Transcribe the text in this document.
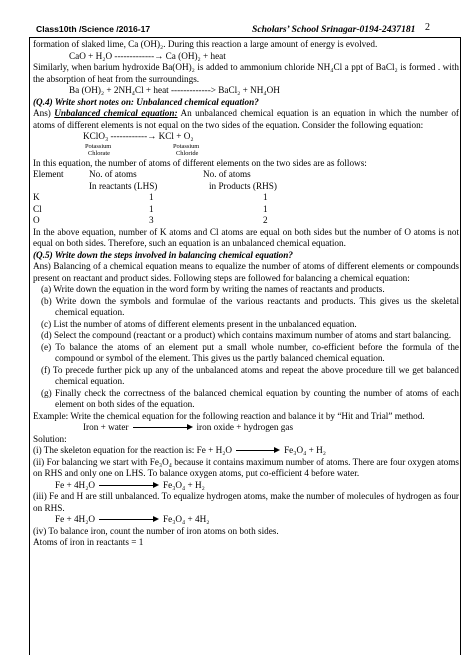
Class10th /Science /2016-17	Scholars’ School Srinagar-0194-2437181 2

formation of slaked lime, Ca (OH)₂. During this reaction a large amount of energy is evolved.

CaO + H₂O -------------→ Ca (OH)₂ + heat

Similarly, when barium hydroxide Ba(OH)₂ is added to ammonium chloride NH₄Cl a ppt of BaCl₂ is formed . with the absorption of heat from the surroundings.

Ba (OH)₂ + 2NH₄Cl + heat -------------> BaCl₂ + NH₄OH

(Q.4) Write short notes on: Unbalanced chemical equation?

Ans) Unbalanced chemical equation: An unbalanced chemical equation is an equation in which the number of atoms of different elements is not equal on the two sides of the equation. Consider the following equation:

KClO₃ ------------→ KCl + O₂

Potassium
Chlorate
Potassium
Chloride

In this equation, the number of atoms of different elements on the two sides are as follows:

Element	No. of atoms	No. of atoms
In reactants (LHS)	in Products (RHS)
K	1	1
Cl	1	1
O	3	2

In the above equation, number of K atoms and Cl atoms are equal on both sides but the number of O atoms is not equal on both sides. Therefore, such an equation is an unbalanced chemical equation.

(Q.5) Write down the steps involved in balancing chemical equation?

Ans) Balancing of a chemical equation means to equalize the number of atoms of different elements or compounds present on reactant and product sides. Following steps are followed for balancing a chemical equation:

(a) Write down the equation in the word form by writing the names of reactants and products.

(b) Write down the symbols and formulae of the various reactants and products. This gives us the skeletal chemical equation.

(c) List the number of atoms of different elements present in the unbalanced equation.

(d) Select the compound (reactant or a product) which contains maximum number of atoms and start balancing.

(e) To balance the atoms of an element put a small whole number, co-efficient before the formula of the compound or symbol of the element. This gives us the partly balanced chemical equation.

(f) To precede further pick up any of the unbalanced atoms and repeat the above procedure till we get balanced chemical equation.

(g) Finally check the correctness of the balanced chemical equation by counting the number of atoms of each element on both sides of the equation.

Example: Write the chemical equation for the following reaction and balance it by “Hit and Trial” method.

Iron + water	iron oxide + hydrogen gas

Solution:

(i) The skeleton equation for the reaction is: Fe + H₂O	Fe₃O₄ + H₂

(ii) For balancing we start with Fe₃O₄ because it contains maximum number of atoms. There are four oxygen atoms on RHS and only one on LHS. To balance oxygen atoms, put co-efficient 4 before water.

Fe + 4H₂O	Fe₃O₄ + H₂

(iii) Fe and H are still unbalanced. To equalize hydrogen atoms, make the number of molecules of hydrogen as four on RHS.

Fe + 4H₂O	Fe₃O₄ + 4H₂

(iv) To balance iron, count the number of iron atoms on both sides.

Atoms of iron in reactants = 1
